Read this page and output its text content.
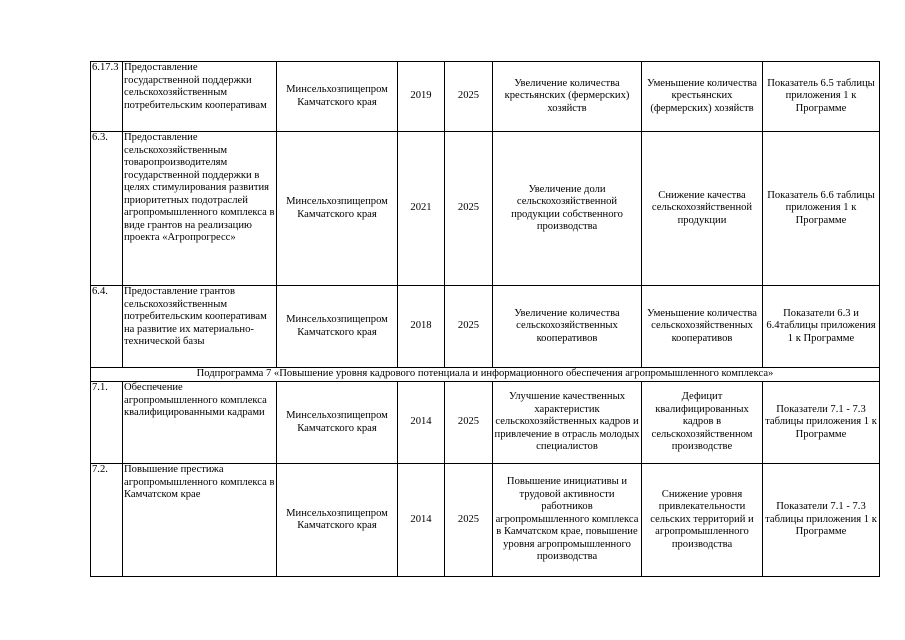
6.17.3	Предоставление государственной поддержки сельскохозяйственным потребительским кооперативам	Минсельхозпищепром Камчатского края	2019	2025	Увеличение количества крестьянских (фермерских) хозяйств	Уменьшение количества крестьянских (фермерских) хозяйств	Показатель 6.5 таблицы приложения 1 к Программе
6.3.	Предоставление сельскохозяйственным товаропроизводителям государственной поддержки в целях стимулирования развития приоритетных подотраслей агропромышленного комплекса в виде грантов на реализацию проекта «Агропрогресс»	Минсельхозпищепром Камчатского края	2021	2025	Увеличение доли сельскохозяйственной продукции собственного производства	Снижение качества сельскохозяйственной продукции	Показатель 6.6 таблицы приложения 1 к Программе
6.4.	Предоставление грантов сельскохозяйственным потребительским кооперативам на развитие их материально-технической базы	Минсельхозпищепром Камчатского края	2018	2025	Увеличение количества сельскохозяйственных кооперативов	Уменьшение количества сельскохозяйственных кооперативов	Показатели 6.3 и 6.4таблицы приложения 1 к Программе
Подпрограмма 7 «Повышение уровня кадрового потенциала и информационного обеспечения агропромышленного комплекса»							
7.1.	Обеспечение агропромышленного комплекса квалифицированными кадрами	Минсельхозпищепром Камчатского края	2014	2025	Улучшение качественных характеристик сельскохозяйственных кадров и привлечение в отрасль молодых специалистов	Дефицит квалифицированных кадров в сельскохозяйственном производстве	Показатели 7.1 - 7.3 таблицы приложения 1 к Программе
7.2.	Повышение престижа агропромышленного комплекса в Камчатском крае	Минсельхозпищепром Камчатского края	2014	2025	Повышение инициативы и трудовой активности работников агропромышленного комплекса в Камчатском крае, повышение уровня агропромышленного производства	Снижение уровня привлекательности сельских территорий и агропромышленного производства	Показатели 7.1 - 7.3 таблицы приложения 1 к Программе
